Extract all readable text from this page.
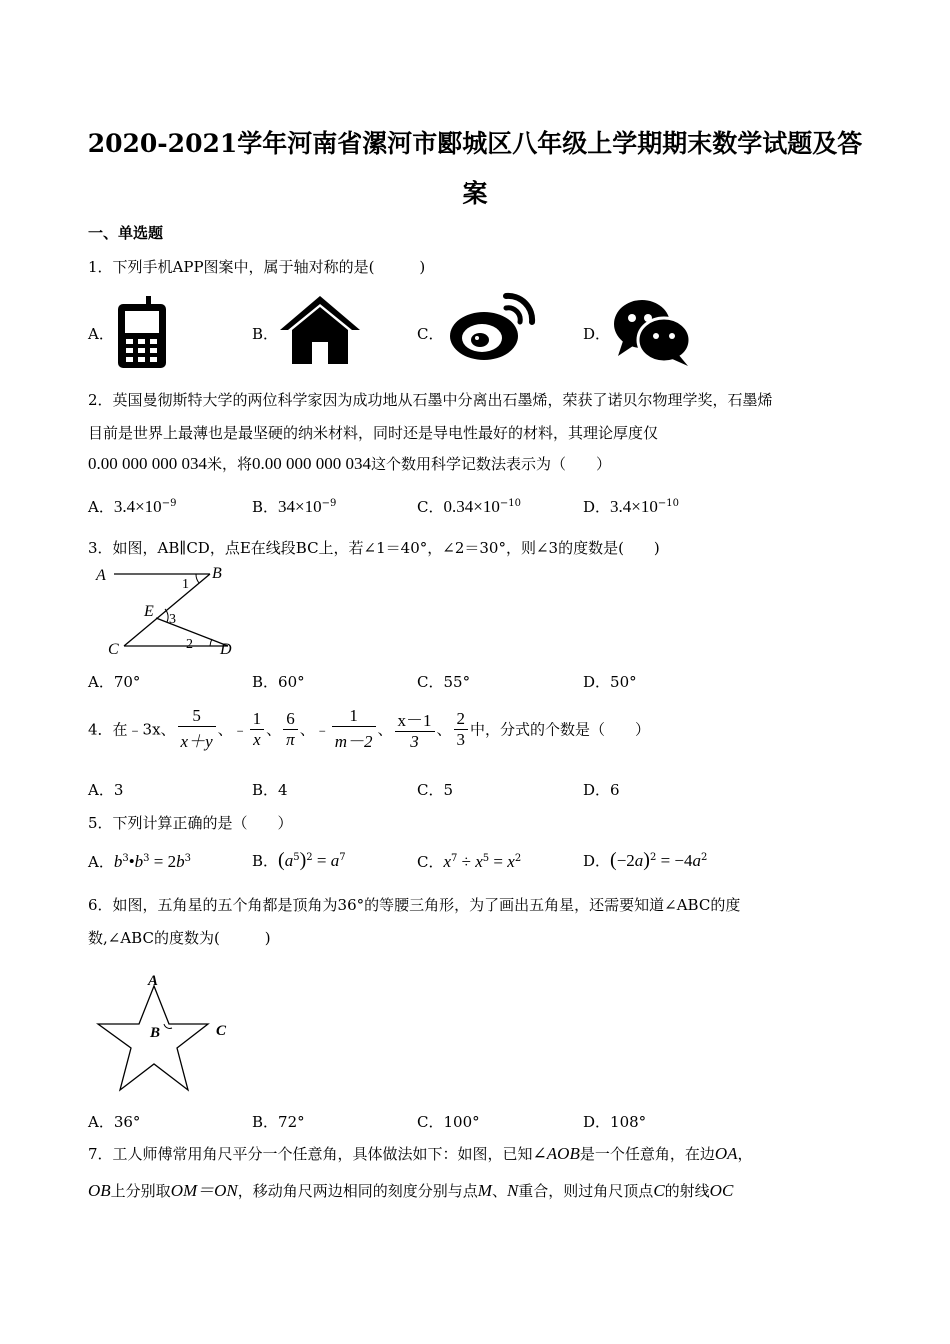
2020-2021学年河南省漯河市郾城区八年级上学期期末数学试题及答
案
一、单选题
1．下列手机APP图案中，属于轴对称的是(　　　)
A．	B．	C．	D．
2．英国曼彻斯特大学的两位科学家因为成功地从石墨中分离出石墨烯，荣获了诺贝尔物理学奖，石墨烯
目前是世界上最薄也是最坚硬的纳米材料，同时还是导电性最好的材料，其理论厚度仅
0.00 000 000 034米，将0.00 000 000 034这个数用科学记数法表示为（　　）
A．$3.4\times 10^{-9}$	B．$34\times 10^{-9}$	C．$0.34\times 10^{-10}$	D．$3.4\times 10^{-10}$
3．如图，AB∥CD，点E在线段BC上，若∠1＝40°，∠2＝30°，则∠3的度数是(　　)
A	B
E
C	D
1
2
3
A．70°	B．60°	C．55°	D．50°
4．在﹣3x、 $\frac{5}{x+y}$ 、﹣ $\frac{1}{x}$ 、 $\frac{6}{\pi}$ 、﹣ $\frac{1}{m-2}$ 、 $\frac{x-1}{3}$ 、 $\frac{2}{3}$ 中，分式的个数是（　　）
A．3	B．4	C．5	D．6
5．下列计算正确的是（　　）
A．$b^3•b^3 = 2b^3$	B．$(a^5)^2 = a^7$	C．$x^7 \div x^5 = x^2$	D．$(-2a)^2 = -4a^2$
6．如图，五角星的五个角都是顶角为36°的等腰三角形，为了画出五角星，还需要知道∠ABC的度
数,∠ABC的度数为(　　　)
A
B	C
A．36°	B．72°	C．100°	D．108°
7．工人师傅常用角尺平分一个任意角，具体做法如下：如图，已知∠AOB是一个任意角，在边OA，
OB上分别取OM＝ON，移动角尺两边相同的刻度分别与点M、N重合，则过角尺顶点C的射线OC
